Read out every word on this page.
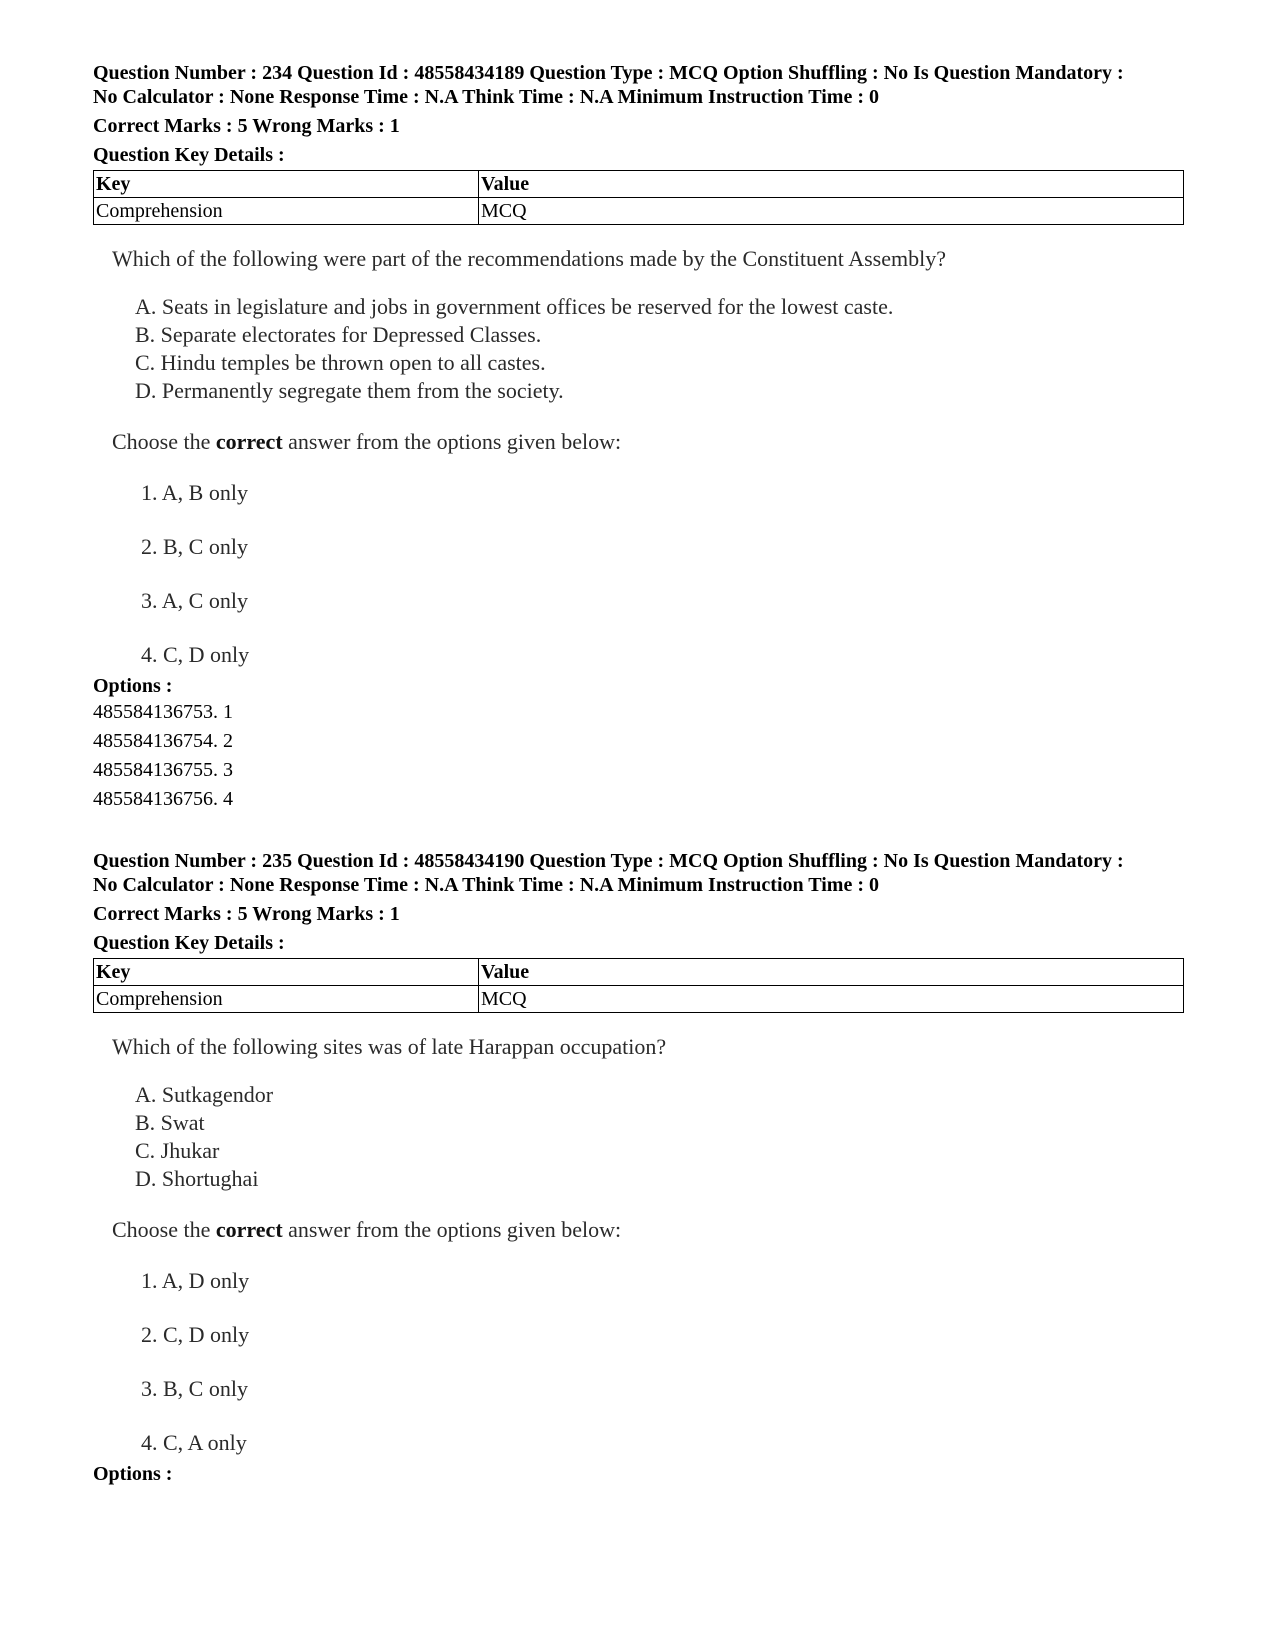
Question Number : 234 Question Id : 48558434189 Question Type : MCQ Option Shuffling : No Is Question Mandatory :
No Calculator : None Response Time : N.A Think Time : N.A Minimum Instruction Time : 0
Correct Marks : 5 Wrong Marks : 1
Question Key Details :
Key	Value
Comprehension	MCQ
Which of the following were part of the recommendations made by the Constituent Assembly?
A. Seats in legislature and jobs in government offices be reserved for the lowest caste.
B. Separate electorates for Depressed Classes.
C. Hindu temples be thrown open to all castes.
D. Permanently segregate them from the society.
Choose the correct answer from the options given below:
1. A, B only
2. B, C only
3. A, C only
4. C, D only
Options :
485584136753. 1
485584136754. 2
485584136755. 3
485584136756. 4
Question Number : 235 Question Id : 48558434190 Question Type : MCQ Option Shuffling : No Is Question Mandatory :
No Calculator : None Response Time : N.A Think Time : N.A Minimum Instruction Time : 0
Correct Marks : 5 Wrong Marks : 1
Question Key Details :
Key	Value
Comprehension	MCQ
Which of the following sites was of late Harappan occupation?
A. Sutkagendor
B. Swat
C. Jhukar
D. Shortughai
Choose the correct answer from the options given below:
1. A, D only
2. C, D only
3. B, C only
4. C, A only
Options :
